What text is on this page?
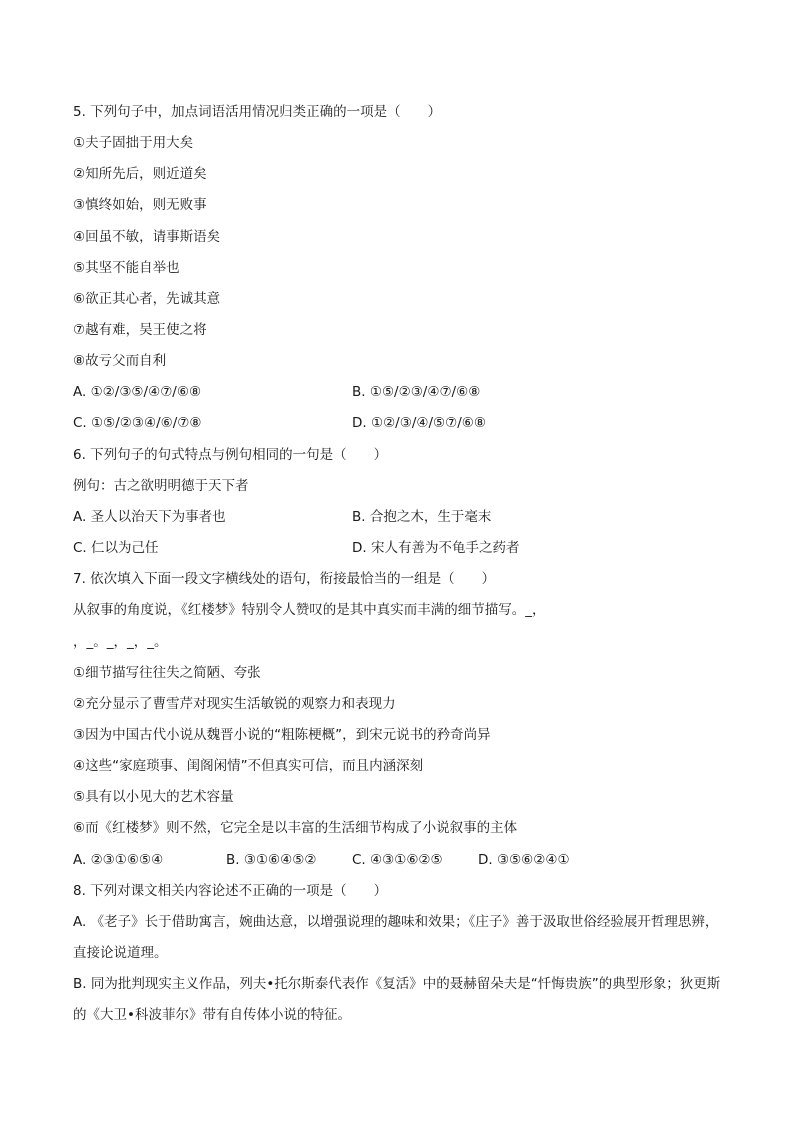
5. 下列句子中，加点词语活用情况归类正确的一项是（　　）
①夫子固拙于用大矣
②知所先后，则近道矣
③慎终如始，则无败事
④回虽不敏，请事斯语矣
⑤其坚不能自举也
⑥欲正其心者，先诚其意
⑦越有难，吴王使之将
⑧故亏父而自利
A. ①②/③⑤/④⑦/⑥⑧	B. ①⑤/②③/④⑦/⑥⑧
C. ①⑤/②③④/⑥/⑦⑧	D. ①②/③/④/⑤⑦/⑥⑧
6. 下列句子的句式特点与例句相同的一句是（　　）
例句：古之欲明明德于天下者
A. 圣人以治天下为事者也	B. 合抱之木，生于毫末
C. 仁以为己任	D. 宋人有善为不龟手之药者
7. 依次填入下面一段文字横线处的语句，衔接最恰当的一组是（　　）
从叙事的角度说，《红楼梦》特别令人赞叹的是其中真实而丰满的细节描写。_，
，_。_，_，_。
①细节描写往往失之简陋、夸张
②充分显示了曹雪芹对现实生活敏锐的观察力和表现力
③因为中国古代小说从魏晋小说的“粗陈梗概”，到宋元说书的矜奇尚异
④这些“家庭琐事、闺阁闲情”不但真实可信，而且内涵深刻
⑤具有以小见大的艺术容量
⑥而《红楼梦》则不然，它完全是以丰富的生活细节构成了小说叙事的主体
A. ②③①⑥⑤④	B. ③①⑥④⑤②	C. ④③①⑥②⑤	D. ③⑤⑥②④①
8. 下列对课文相关内容论述不正确的一项是（　　）
A. 《老子》长于借助寓言，婉曲达意，以增强说理的趣味和效果；《庄子》善于汲取世俗经验展开哲理思辨，直接论说道理。
B. 同为批判现实主义作品，列夫•托尔斯泰代表作《复活》中的聂赫留朵夫是“忏悔贵族”的典型形象；狄更斯的《大卫•科波菲尔》带有自传体小说的特征。
